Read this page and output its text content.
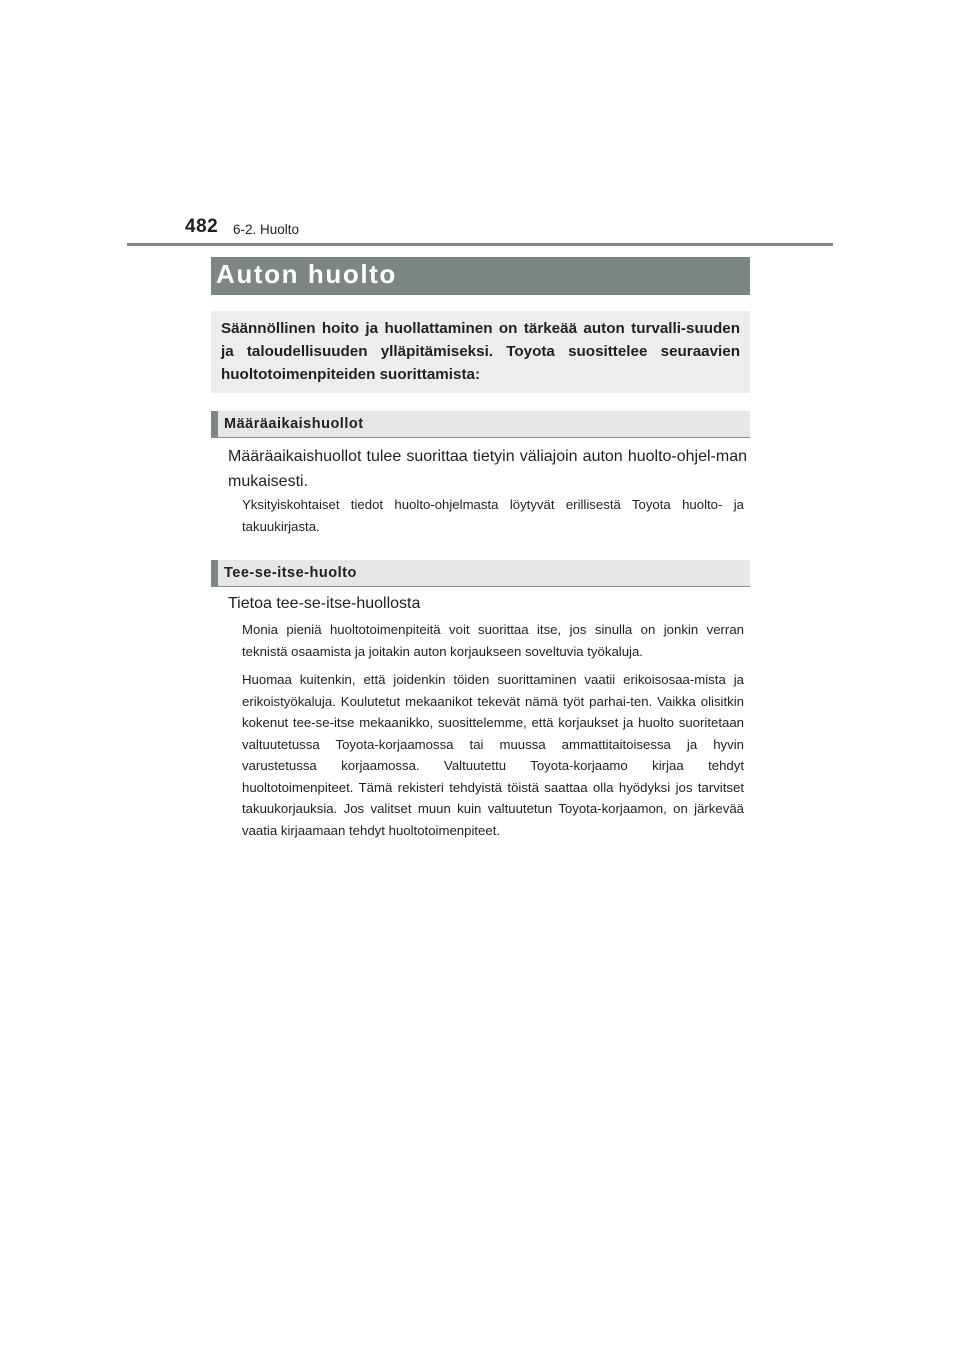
482 6-2. Huolto
Auton huolto

Säännöllinen hoito ja huollattaminen on tärkeää auton turvalli-suuden ja taloudellisuuden ylläpitämiseksi. Toyota suosittelee seuraavien huoltotoimenpiteiden suorittamista:

Määräaikaishuollot

Määräaikaishuollot tulee suorittaa tietyin väliajoin auton huolto-ohjel-man mukaisesti.

Yksityiskohtaiset tiedot huolto-ohjelmasta löytyvät erillisestä Toyota huolto- ja takuukirjasta.

Tee-se-itse-huolto

Tietoa tee-se-itse-huollosta

Monia pieniä huoltotoimenpiteitä voit suorittaa itse, jos sinulla on jonkin verran teknistä osaamista ja joitakin auton korjaukseen soveltuvia työkaluja.

Huomaa kuitenkin, että joidenkin töiden suorittaminen vaatii erikoisosaa-mista ja erikoistyökaluja. Koulutetut mekaanikot tekevät nämä työt parhai-ten. Vaikka olisitkin kokenut tee-se-itse mekaanikko, suosittelemme, että korjaukset ja huolto suoritetaan valtuutetussa Toyota-korjaamossa tai muussa ammattitaitoisessa ja hyvin varustetussa korjaamossa. Valtuutettu Toyota-korjaamo kirjaa tehdyt huoltotoimenpiteet. Tämä rekisteri tehdyistä töistä saattaa olla hyödyksi jos tarvitset takuukorjauksia. Jos valitset muun kuin valtuutetun Toyota-korjaamon, on järkevää vaatia kirjaamaan tehdyt huoltotoimenpiteet.
